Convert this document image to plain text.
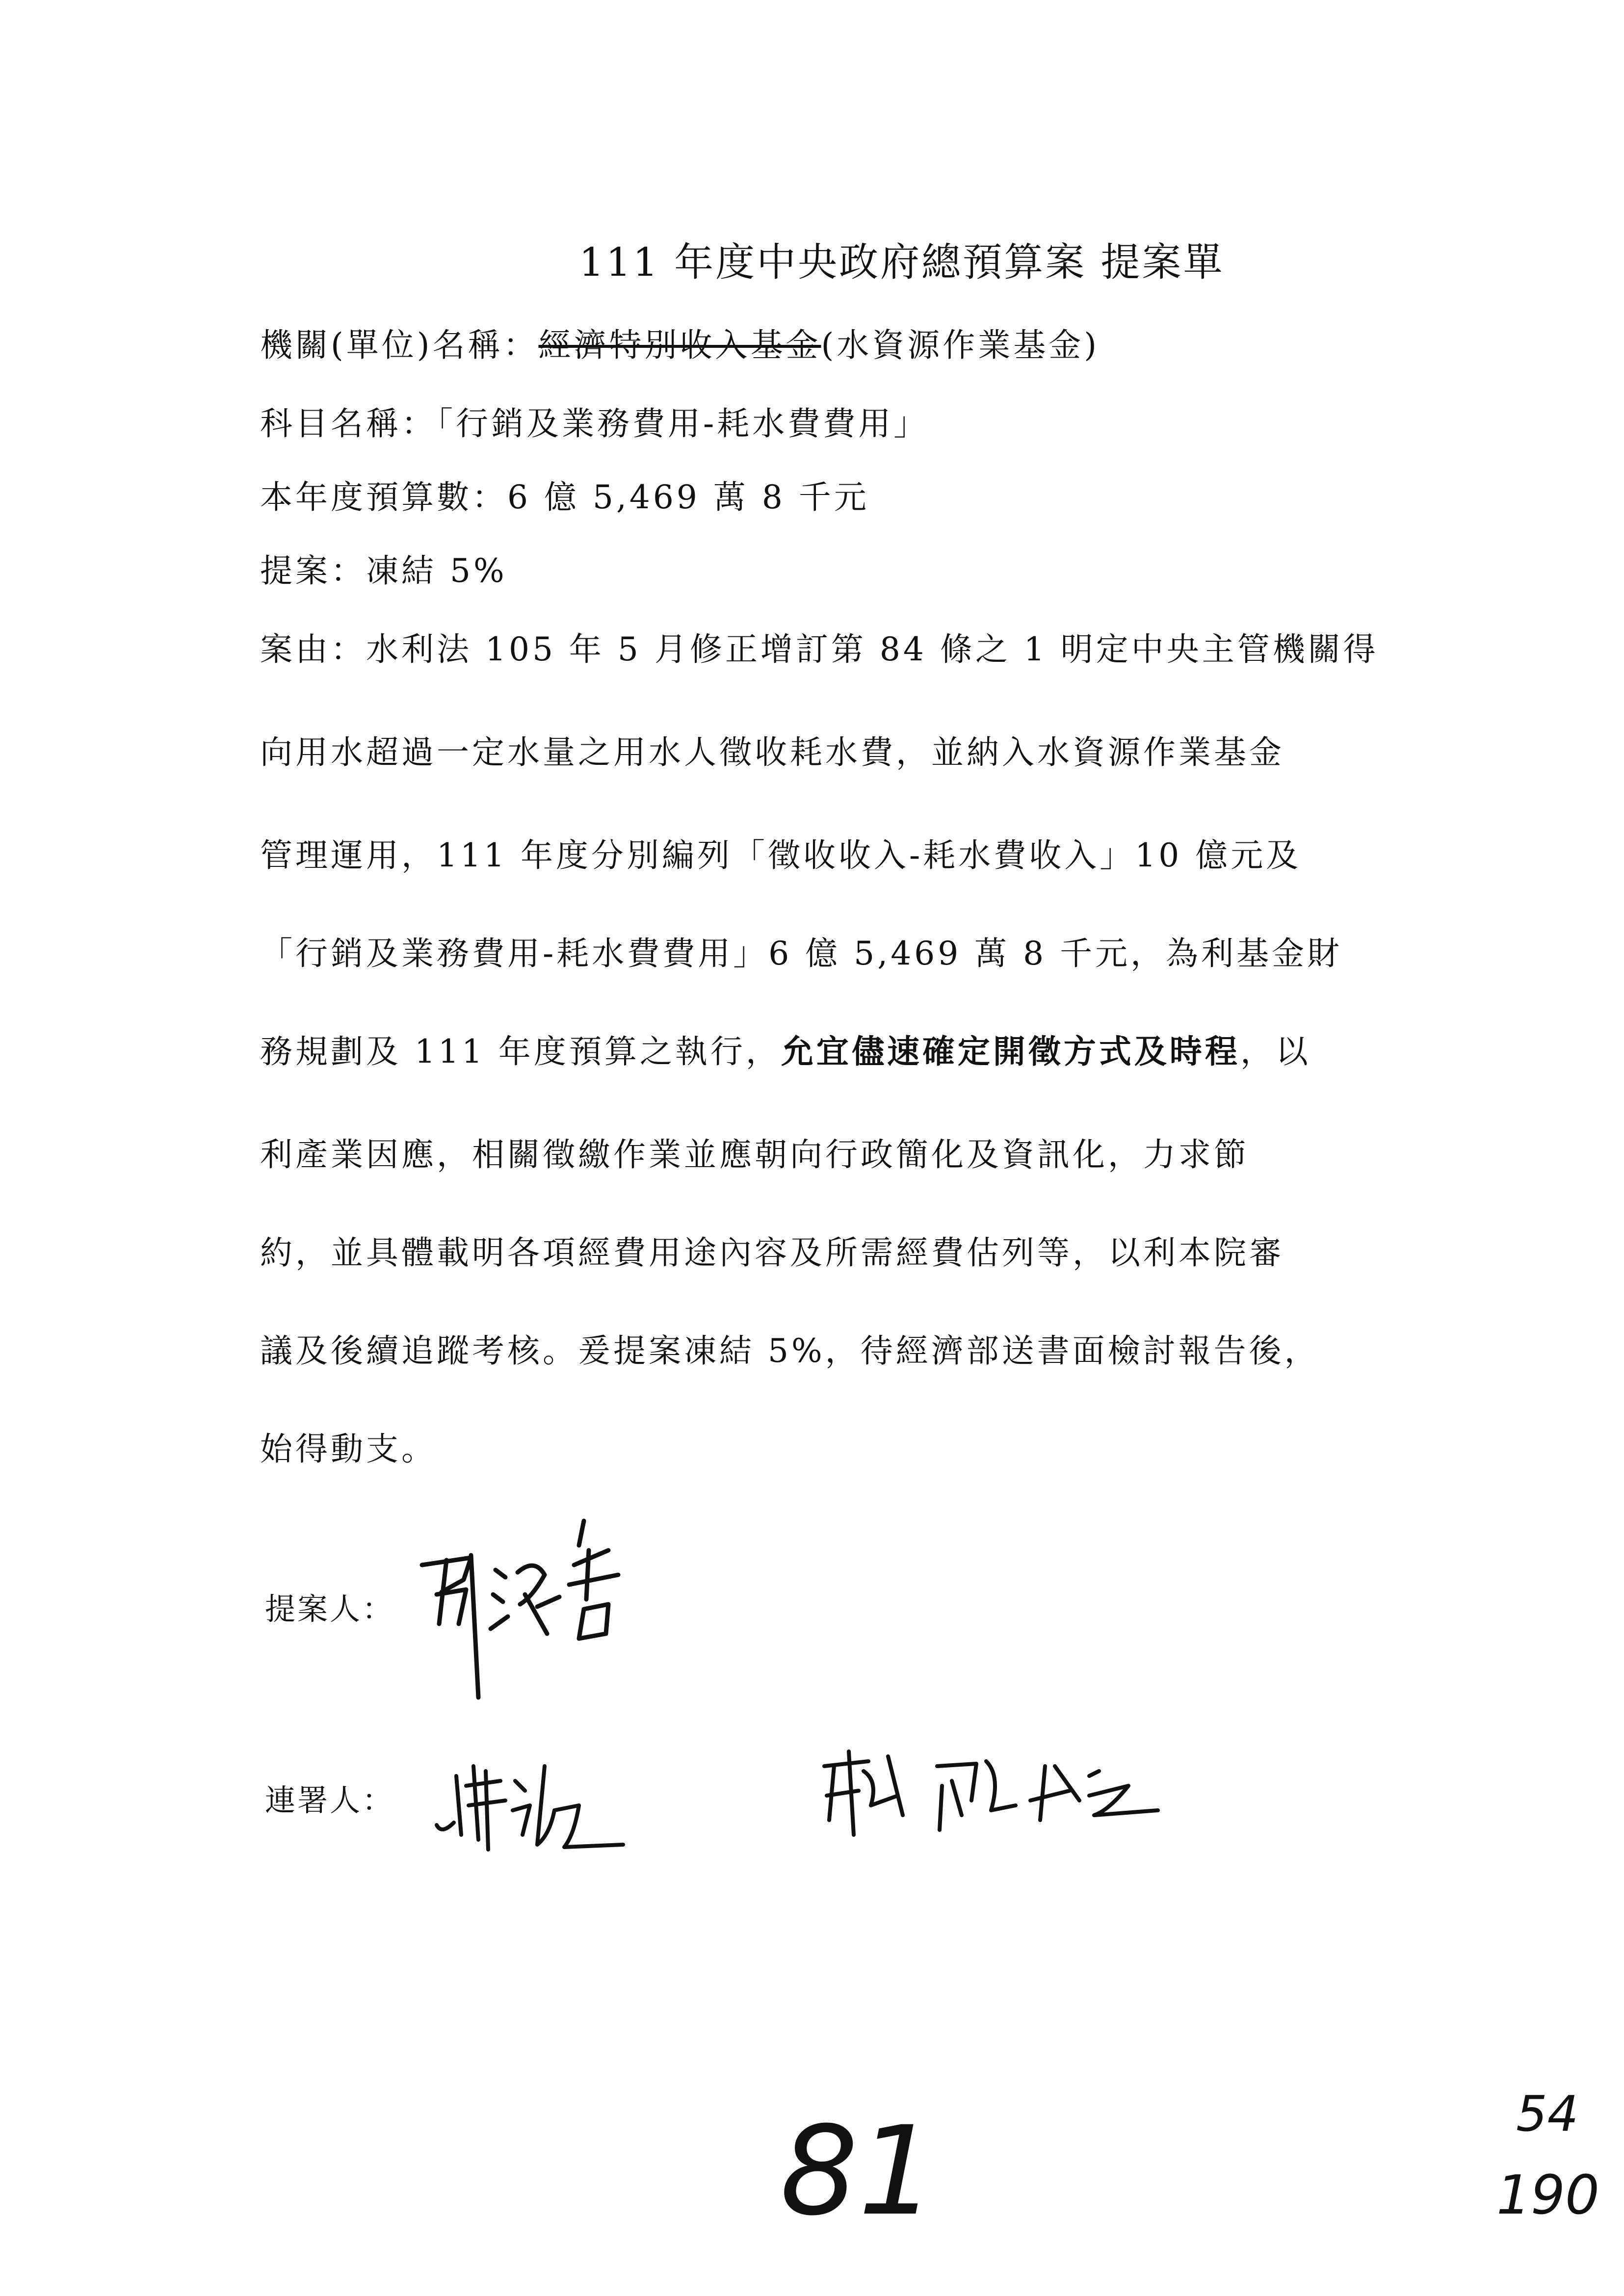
111 年度中央政府總預算案 提案單
機關(單位)名稱：經濟特別收入基金(水資源作業基金)
科目名稱：「行銷及業務費用-耗水費費用」
本年度預算數：6 億 5,469 萬 8 千元
提案：凍結 5%
案由：水利法 105 年 5 月修正增訂第 84 條之 1 明定中央主管機關得
向用水超過一定水量之用水人徵收耗水費，並納入水資源作業基金
管理運用，111 年度分別編列「徵收收入-耗水費收入」10 億元及
「行銷及業務費用-耗水費費用」6 億 5,469 萬 8 千元，為利基金財
務規劃及 111 年度預算之執行，允宜儘速確定開徵方式及時程，以
利產業因應，相關徵繳作業並應朝向行政簡化及資訊化，力求節
約，並具體載明各項經費用途內容及所需經費估列等，以利本院審
議及後續追蹤考核。爰提案凍結 5%，待經濟部送書面檢討報告後，
始得動支。
提案人：
連署人：
81	54
190
